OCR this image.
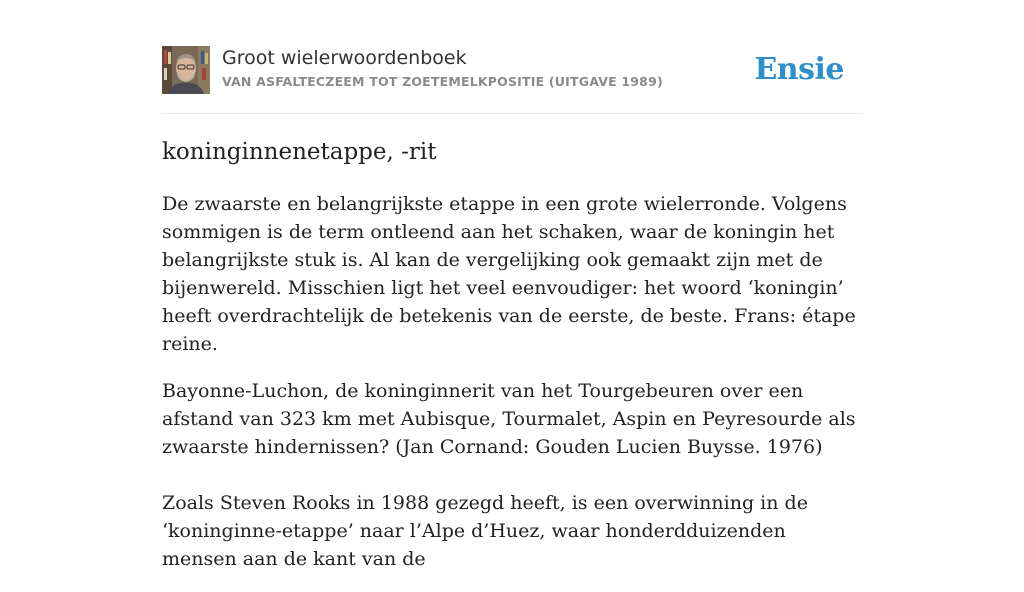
Groot wielerwoordenboek
VAN ASFALTECZEEM TOT ZOETEMELKPOSITIE (UITGAVE 1989)	Ensie
koninginnenetappe, -rit

De zwaarste en belangrijkste etappe in een grote wielerronde. Volgens sommigen is de term ontleend aan het schaken, waar de koningin het belangrijkste stuk is. Al kan de vergelijking ook gemaakt zijn met de bijenwereld. Misschien ligt het veel eenvoudiger: het woord ‘koningin’ heeft overdrachtelijk de betekenis van de eerste, de beste. Frans: étape reine.

Bayonne-Luchon, de koninginnerit van het Tourgebeuren over een afstand van 323 km met Aubisque, Tourmalet, Aspin en Peyresourde als zwaarste hindernissen? (Jan Cornand: Gouden Lucien Buysse. 1976)

Zoals Steven Rooks in 1988 gezegd heeft, is een overwinning in de ‘koninginne-etappe’ naar l’Alpe d’Huez, waar honderdduizenden mensen aan de kant van de
